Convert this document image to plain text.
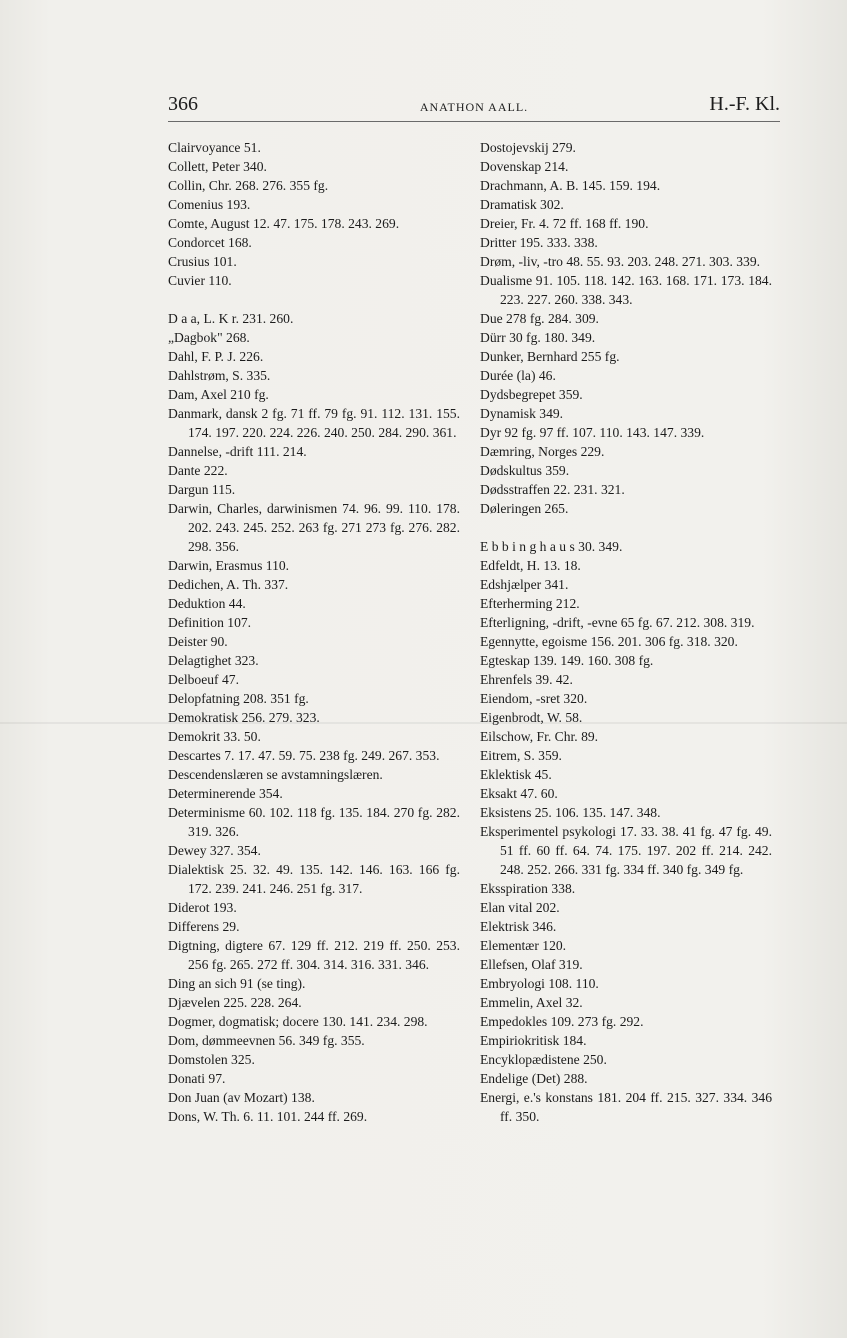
366	ANATHON AALL.	H.-F. Kl.
Clairvoyance 51.
Collett, Peter 340.
Collin, Chr. 268. 276. 355 fg.
Comenius 193.
Comte, August 12. 47. 175. 178. 243. 269.
Condorcet 168.
Crusius 101.
Cuvier 110.
D a a, L. K r. 231. 260.
„Dagbok" 268.
Dahl, F. P. J. 226.
Dahlstrøm, S. 335.
Dam, Axel 210 fg.
Danmark, dansk 2 fg. 71 ff. 79 fg. 91. 112. 131. 155. 174. 197. 220. 224. 226. 240. 250. 284. 290. 361.
Dannelse, -drift 111. 214.
Dante 222.
Dargun 115.
Darwin, Charles, darwinismen 74. 96. 99. 110. 178. 202. 243. 245. 252. 263 fg. 271 273 fg. 276. 282. 298. 356.
Darwin, Erasmus 110.
Dedichen, A. Th. 337.
Deduktion 44.
Definition 107.
Deister 90.
Delagtighet 323.
Delboeuf 47.
Delopfatning 208. 351 fg.
Demokratisk 256. 279. 323.
Demokrit 33. 50.
Descartes 7. 17. 47. 59. 75. 238 fg. 249. 267. 353.
Descendenslæren se avstamningslæren.
Determinerende 354.
Determinisme 60. 102. 118 fg. 135. 184. 270 fg. 282. 319. 326.
Dewey 327. 354.
Dialektisk 25. 32. 49. 135. 142. 146. 163. 166 fg. 172. 239. 241. 246. 251 fg. 317.
Diderot 193.
Differens 29.
Digtning, digtere 67. 129 ff. 212. 219 ff. 250. 253. 256 fg. 265. 272 ff. 304. 314. 316. 331. 346.
Ding an sich 91 (se ting).
Djævelen 225. 228. 264.
Dogmer, dogmatisk; docere 130. 141. 234. 298.
Dom, dømmeevnen 56. 349 fg. 355.
Domstolen 325.
Donati 97.
Don Juan (av Mozart) 138.
Dons, W. Th. 6. 11. 101. 244 ff. 269.
Dostojevskij 279.
Dovenskap 214.
Drachmann, A. B. 145. 159. 194.
Dramatisk 302.
Dreier, Fr. 4. 72 ff. 168 ff. 190.
Dritter 195. 333. 338.
Drøm, -liv, -tro 48. 55. 93. 203. 248. 271. 303. 339.
Dualisme 91. 105. 118. 142. 163. 168. 171. 173. 184. 223. 227. 260. 338. 343.
Due 278 fg. 284. 309.
Dürr 30 fg. 180. 349.
Dunker, Bernhard 255 fg.
Durée (la) 46.
Dydsbegrepet 359.
Dynamisk 349.
Dyr 92 fg. 97 ff. 107. 110. 143. 147. 339.
Dæmring, Norges 229.
Dødskultus 359.
Dødsstraffen 22. 231. 321.
Døleringen 265.
E b b i n g h a u s 30. 349.
Edfeldt, H. 13. 18.
Edshjælper 341.
Efterherming 212.
Efterligning, -drift, -evne 65 fg. 67. 212. 308. 319.
Egennytte, egoisme 156. 201. 306 fg. 318. 320.
Egteskap 139. 149. 160. 308 fg.
Ehrenfels 39. 42.
Eiendom, -sret 320.
Eigenbrodt, W. 58.
Eilschow, Fr. Chr. 89.
Eitrem, S. 359.
Eklektisk 45.
Eksakt 47. 60.
Eksistens 25. 106. 135. 147. 348.
Eksperimentel psykologi 17. 33. 38. 41 fg. 47 fg. 49. 51 ff. 60 ff. 64. 74. 175. 197. 202 ff. 214. 242. 248. 252. 266. 331 fg. 334 ff. 340 fg. 349 fg.
Eksspiration 338.
Elan vital 202.
Elektrisk 346.
Elementær 120.
Ellefsen, Olaf 319.
Embryologi 108. 110.
Emmelin, Axel 32.
Empedokles 109. 273 fg. 292.
Empiriokritisk 184.
Encyklopædistene 250.
Endelige (Det) 288.
Energi, e.'s konstans 181. 204 ff. 215. 327. 334. 346 ff. 350.
